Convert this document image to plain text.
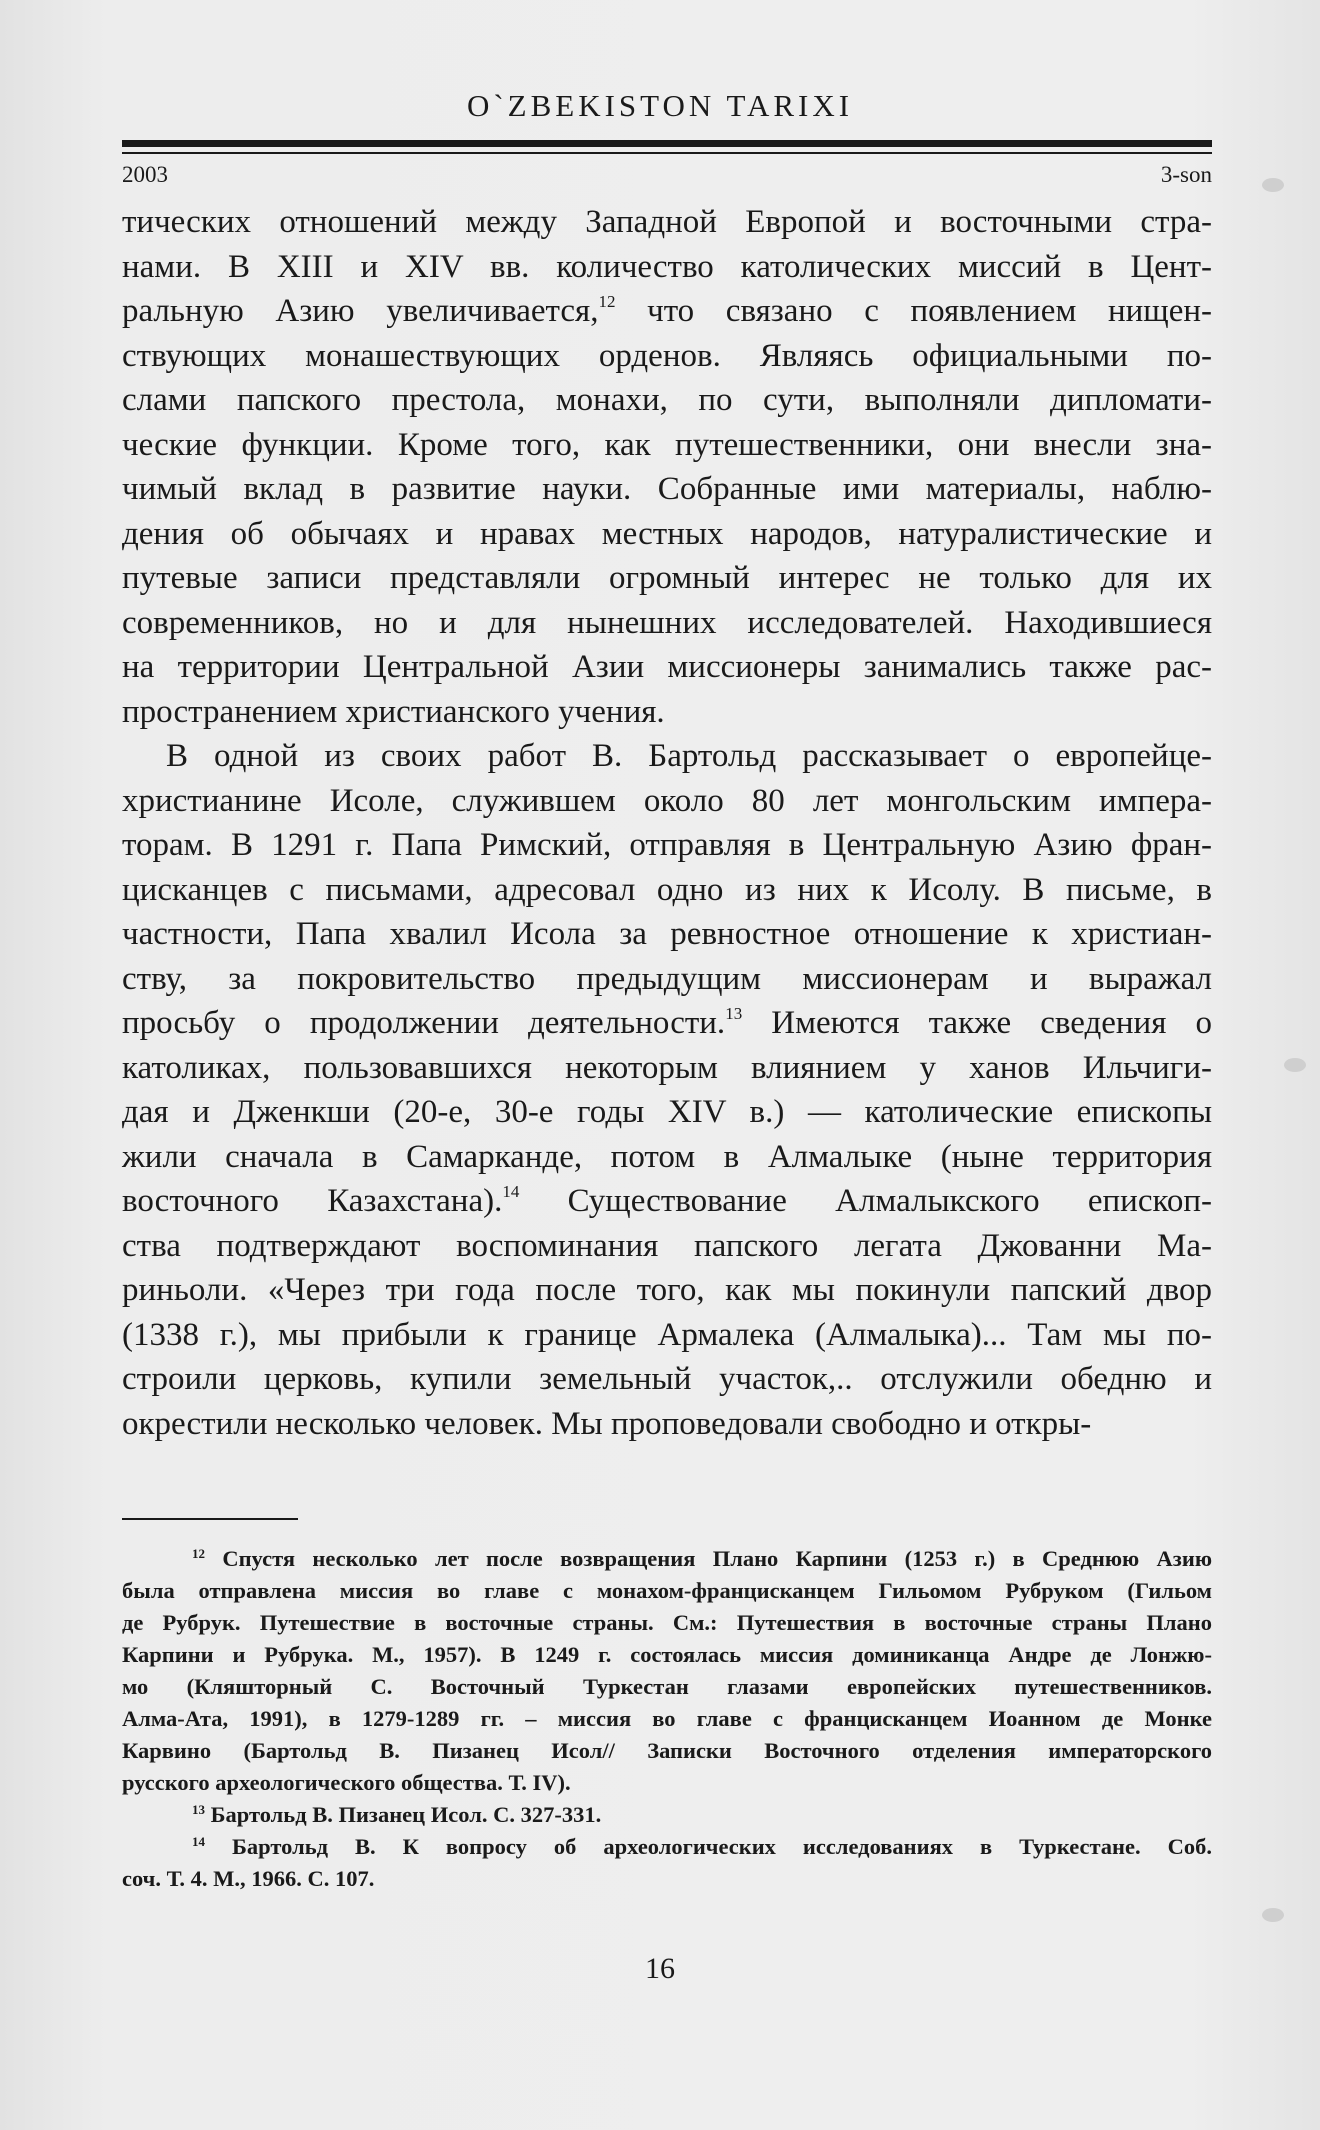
O`ZBEKISTON TARIXI
2003	3-son

тических отношений между Западной Европой и восточными стра-
нами. В XIII и XIV вв. количество католических миссий в Цент-
ральную Азию увеличивается,$^{12}$ что связано с появлением нищен-
ствующих монашествующих орденов. Являясь официальными по-
слами папского престола, монахи, по сути, выполняли дипломати-
ческие функции. Кроме того, как путешественники, они внесли зна-
чимый вклад в развитие науки. Собранные ими материалы, наблю-
дения об обычаях и нравах местных народов, натуралистические и
путевые записи представляли огромный интерес не только для их
современников, но и для нынешних исследователей. Находившиеся
на территории Центральной Азии миссионеры занимались также рас-
пространением христианского учения.

В одной из своих работ В. Бартольд рассказывает о европейце-
христианине Исоле, служившем около 80 лет монгольским импера-
торам. В 1291 г. Папа Римский, отправляя в Центральную Азию фран-
цисканцев с письмами, адресовал одно из них к Исолу. В письме, в
частности, Папа хвалил Исола за ревностное отношение к христиан-
ству, за покровительство предыдущим миссионерам и выражал
просьбу о продолжении деятельности.$^{13}$ Имеются также сведения о
католиках, пользовавшихся некоторым влиянием у ханов Ильчиги-
дая и Дженкши (20-е, 30-е годы XIV в.) — католические епископы
жили сначала в Самарканде, потом в Алмалыке (ныне территория
восточного Казахстана).$^{14}$ Существование Алмалыкского епископ-
ства подтверждают воспоминания папского легата Джованни Ма-
риньоли. «Через три года после того, как мы покинули папский двор
(1338 г.), мы прибыли к границе Армалека (Алмалыка)... Там мы по-
строили церковь, купили земельный участок,.. отслужили обедню и
окрестили несколько человек. Мы проповедовали свободно и откры-

$^{12}$ Спустя несколько лет после возвращения Плано Карпини (1253 г.) в Среднюю Азию
была отправлена миссия во главе с монахом-францисканцем Гильомом Рубруком (Гильом
де Рубрук. Путешествие в восточные страны. См.: Путешествия в восточные страны Плано
Карпини и Рубрука. М., 1957). В 1249 г. состоялась миссия доминиканца Андре де Лонжю-
мо (Кляшторный С. Восточный Туркестан глазами европейских путешественников.
Алма-Ата, 1991), в 1279-1289 гг. – миссия во главе с францисканцем Иоанном де Монке
Карвино (Бартольд В. Пизанец Исол// Записки Восточного отделения императорского
русского археологического общества. Т. IV).
$^{13}$ Бартольд В. Пизанец Исол. С. 327-331.
$^{14}$ Бартольд В. К вопросу об археологических исследованиях в Туркестане. Соб.
соч. Т. 4. М., 1966. С. 107.
16
